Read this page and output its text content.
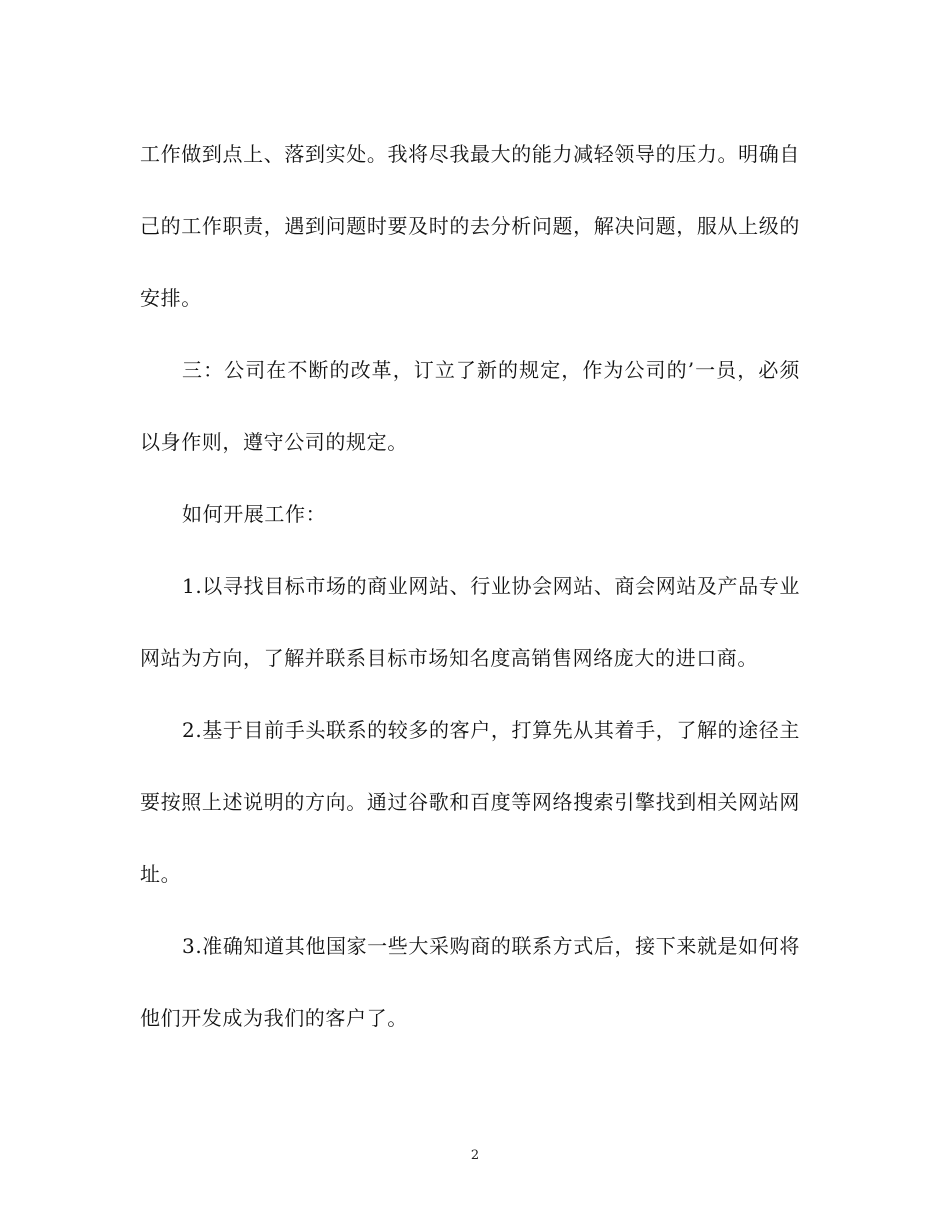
工作做到点上、落到实处。我将尽我最大的能力减轻领导的压力。明确自己的工作职责，遇到问题时要及时的去分析问题，解决问题，服从上级的安排。

三：公司在不断的改革，订立了新的规定，作为公司的’一员，必须以身作则，遵守公司的规定。

如何开展工作：

1.以寻找目标市场的商业网站、行业协会网站、商会网站及产品专业网站为方向，了解并联系目标市场知名度高销售网络庞大的进口商。

2.基于目前手头联系的较多的客户，打算先从其着手，了解的途径主要按照上述说明的方向。通过谷歌和百度等网络搜索引擎找到相关网站网址。

3.准确知道其他国家一些大采购商的联系方式后，接下来就是如何将他们开发成为我们的客户了。

2
